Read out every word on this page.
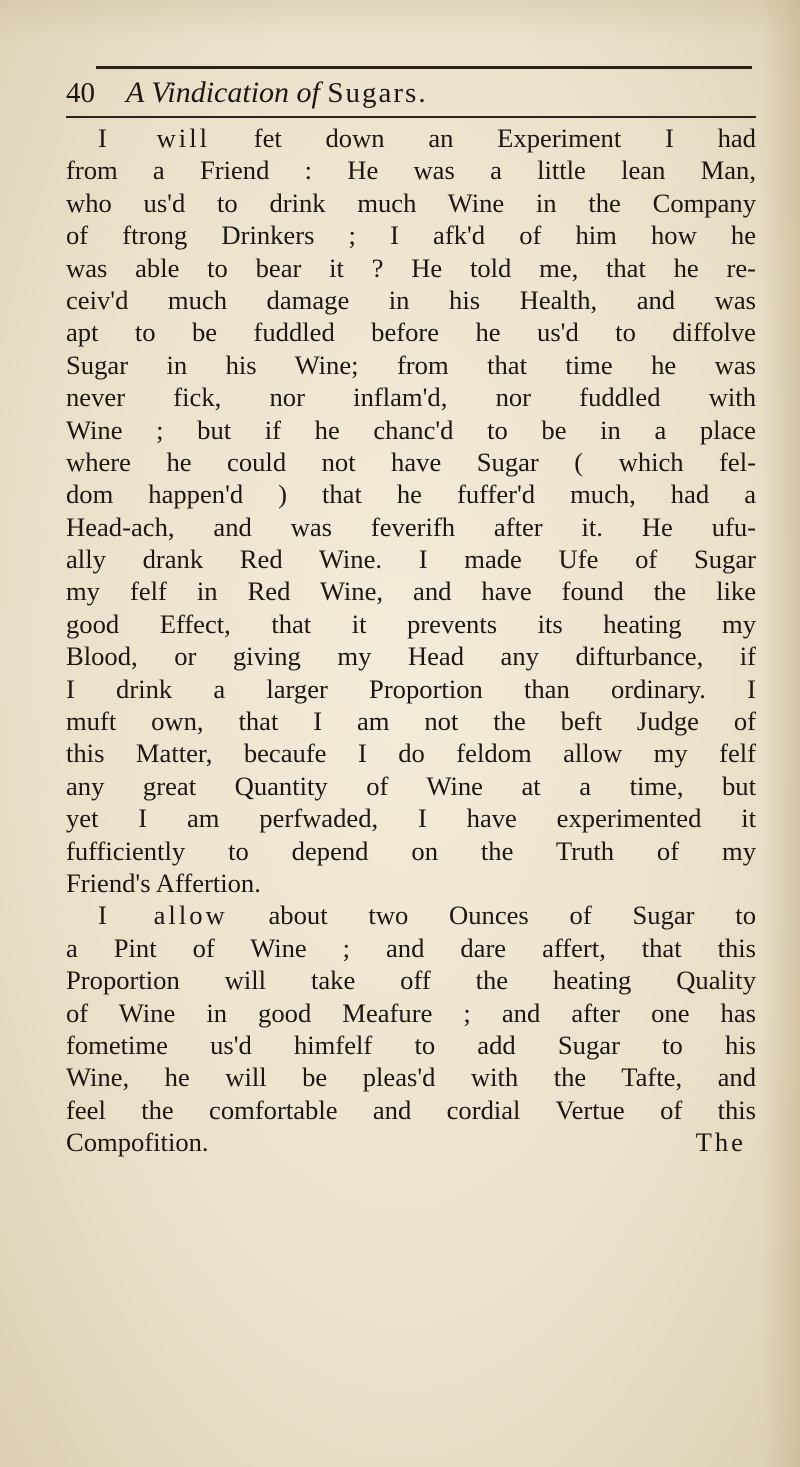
40 A Vindication of Sugars.
I will fet down an Experiment I had
from a Friend : He was a little lean Man,
who us'd to drink much Wine in the Company
of ftrong Drinkers ; I afk'd of him how he
was able to bear it ? He told me, that he re-
ceiv'd much damage in his Health, and was
apt to be fuddled before he us'd to diffolve
Sugar in his Wine; from that time he was
never fick, nor inflam'd, nor fuddled with
Wine ; but if he chanc'd to be in a place
where he could not have Sugar ( which fel-
dom happen'd ) that he fuffer'd much, had a
Head-ach, and was feverifh after it. He ufu-
ally drank Red Wine. I made Ufe of Sugar
my felf in Red Wine, and have found the like
good Effect, that it prevents its heating my
Blood, or giving my Head any difturbance, if
I drink a larger Proportion than ordinary. I
muft own, that I am not the beft Judge of
this Matter, becaufe I do feldom allow my felf
any great Quantity of Wine at a time, but
yet I am perfwaded, I have experimented it
fufficiently to depend on the Truth of my
Friend's Affertion.
I allow about two Ounces of Sugar to
a Pint of Wine ; and dare affert, that this
Proportion will take off the heating Quality
of Wine in good Meafure ; and after one has
fometime us'd himfelf to add Sugar to his
Wine, he will be pleas'd with the Tafte, and
feel the comfortable and cordial Vertue of this
Compofition.	The
